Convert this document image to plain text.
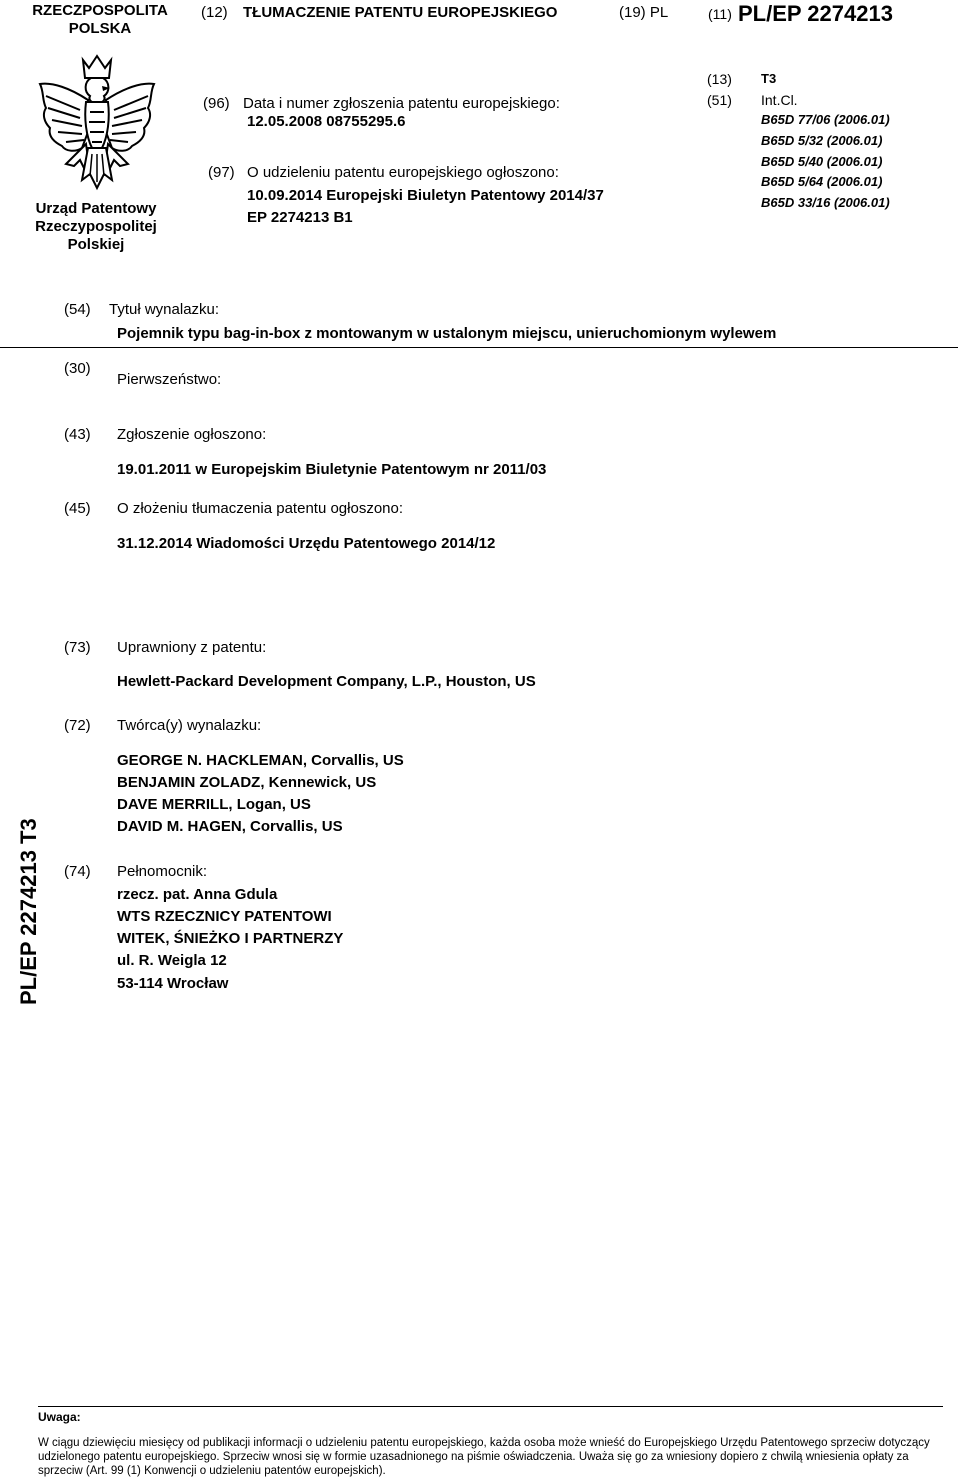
RZECZPOSPOLITA POLSKA
(12) TŁUMACZENIE PATENTU EUROPEJSKIEGO	(19) PL	(11) PL/EP 2274213
Urząd Patentowy Rzeczypospolitej Polskiej
(96) Data i numer zgłoszenia patentu europejskiego:
12.05.2008 08755295.6
(97) O udzieleniu patentu europejskiego ogłoszono:
10.09.2014 Europejski Biuletyn Patentowy 2014/37
EP 2274213 B1
(13) T3
(51) Int.Cl.
B65D 77/06 (2006.01)
B65D 5/32 (2006.01)
B65D 5/40 (2006.01)
B65D 5/64 (2006.01)
B65D 33/16 (2006.01)
(54) Tytuł wynalazku:
Pojemnik typu bag-in-box z montowanym w ustalonym miejscu, unieruchomionym wylewem
(30)
Pierwszeństwo:
(43) Zgłoszenie ogłoszono:
19.01.2011 w Europejskim Biuletynie Patentowym nr 2011/03
(45) O złożeniu tłumaczenia patentu ogłoszono:
31.12.2014 Wiadomości Urzędu Patentowego 2014/12
(73) Uprawniony z patentu:
Hewlett-Packard Development Company, L.P., Houston, US
(72) Twórca(y) wynalazku:
GEORGE N. HACKLEMAN, Corvallis, US
BENJAMIN ZOLADZ, Kennewick, US
DAVE MERRILL, Logan, US
DAVID M. HAGEN, Corvallis, US
(74) Pełnomocnik:
rzecz. pat. Anna Gdula
WTS RZECZNICY PATENTOWI
WITEK, ŚNIEŻKO I PARTNERZY
ul. R. Weigla 12
53-114 Wrocław
PL/EP 2274213 T3
Uwaga:
W ciągu dziewięciu miesięcy od publikacji informacji o udzieleniu patentu europejskiego, każda osoba może wnieść do Europejskiego Urzędu Patentowego sprzeciw dotyczący udzielonego patentu europejskiego. Sprzeciw wnosi się w formie uzasadnionego na piśmie oświadczenia. Uważa się go za wniesiony dopiero z chwilą wniesienia opłaty za sprzeciw (Art. 99 (1) Konwencji o udzieleniu patentów europejskich).
